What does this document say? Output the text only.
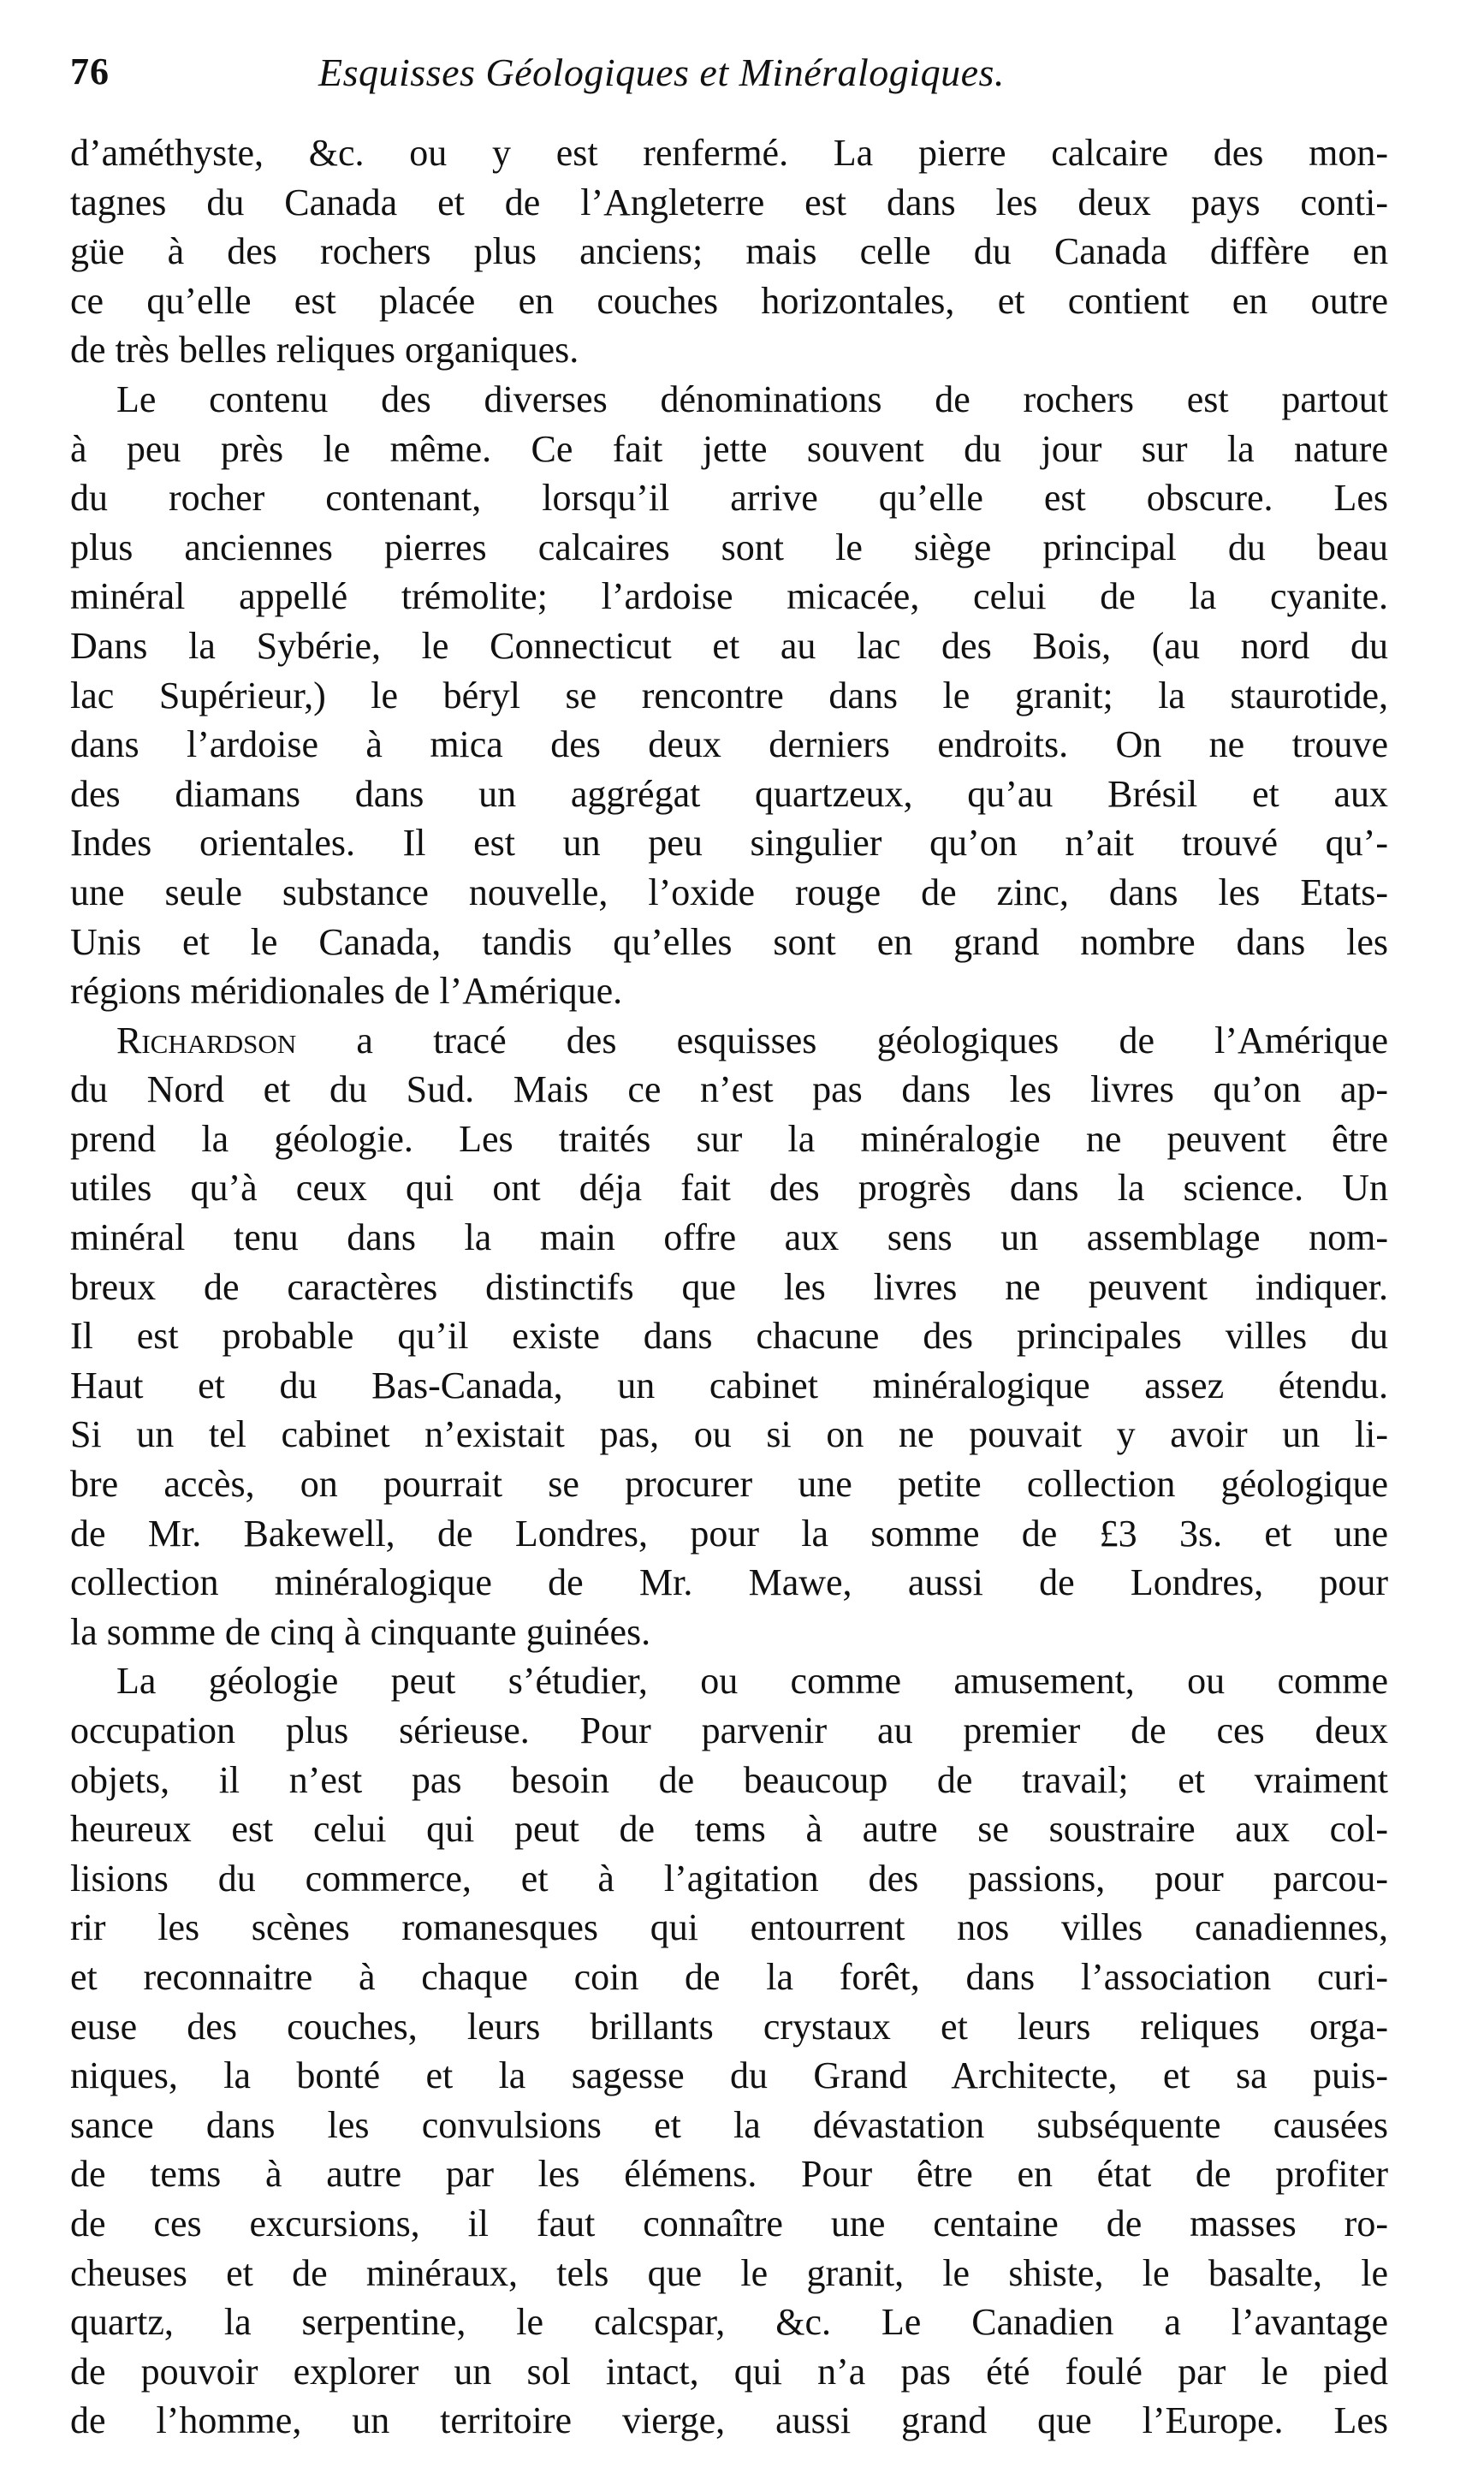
76	Esquisses Géologiques et Minéralogiques.

d’améthyste, &c. ou y est renfermé. La pierre calcaire des mon-
tagnes du Canada et de l’Angleterre est dans les deux pays conti-
güe à des rochers plus anciens; mais celle du Canada diffère en
ce qu’elle est placée en couches horizontales, et contient en outre
de très belles reliques organiques.

Le contenu des diverses dénominations de rochers est partout
à peu près le même. Ce fait jette souvent du jour sur la nature
du rocher contenant, lorsqu’il arrive qu’elle est obscure. Les
plus anciennes pierres calcaires sont le siège principal du beau
minéral appellé trémolite; l’ardoise micacée, celui de la cyanite.
Dans la Sybérie, le Connecticut et au lac des Bois, (au nord du
lac Supérieur,) le béryl se rencontre dans le granit; la staurotide,
dans l’ardoise à mica des deux derniers endroits. On ne trouve
des diamans dans un aggrégat quartzeux, qu’au Brésil et aux
Indes orientales. Il est un peu singulier qu’on n’ait trouvé qu’-
une seule substance nouvelle, l’oxide rouge de zinc, dans les Etats-
Unis et le Canada, tandis qu’elles sont en grand nombre dans les
régions méridionales de l’Amérique.

Richardson a tracé des esquisses géologiques de l’Amérique
du Nord et du Sud. Mais ce n’est pas dans les livres qu’on ap-
prend la géologie. Les traités sur la minéralogie ne peuvent être
utiles qu’à ceux qui ont déja fait des progrès dans la science. Un
minéral tenu dans la main offre aux sens un assemblage nom-
breux de caractères distinctifs que les livres ne peuvent indiquer.
Il est probable qu’il existe dans chacune des principales villes du
Haut et du Bas-Canada, un cabinet minéralogique assez étendu.
Si un tel cabinet n’existait pas, ou si on ne pouvait y avoir un li-
bre accès, on pourrait se procurer une petite collection géologique
de Mr. Bakewell, de Londres, pour la somme de £3 3s. et une
collection minéralogique de Mr. Mawe, aussi de Londres, pour
la somme de cinq à cinquante guinées.

La géologie peut s’étudier, ou comme amusement, ou comme
occupation plus sérieuse. Pour parvenir au premier de ces deux
objets, il n’est pas besoin de beaucoup de travail; et vraiment
heureux est celui qui peut de tems à autre se soustraire aux col-
lisions du commerce, et à l’agitation des passions, pour parcou-
rir les scènes romanesques qui entourrent nos villes canadiennes,
et reconnaitre à chaque coin de la forêt, dans l’association curi-
euse des couches, leurs brillants crystaux et leurs reliques orga-
niques, la bonté et la sagesse du Grand Architecte, et sa puis-
sance dans les convulsions et la dévastation subséquente causées
de tems à autre par les élémens. Pour être en état de profiter
de ces excursions, il faut connaître une centaine de masses ro-
cheuses et de minéraux, tels que le granit, le shiste, le basalte, le
quartz, la serpentine, le calcspar, &c. Le Canadien a l’avantage
de pouvoir explorer un sol intact, qui n’a pas été foulé par le pied
de l’homme, un territoire vierge, aussi grand que l’Europe. Les
